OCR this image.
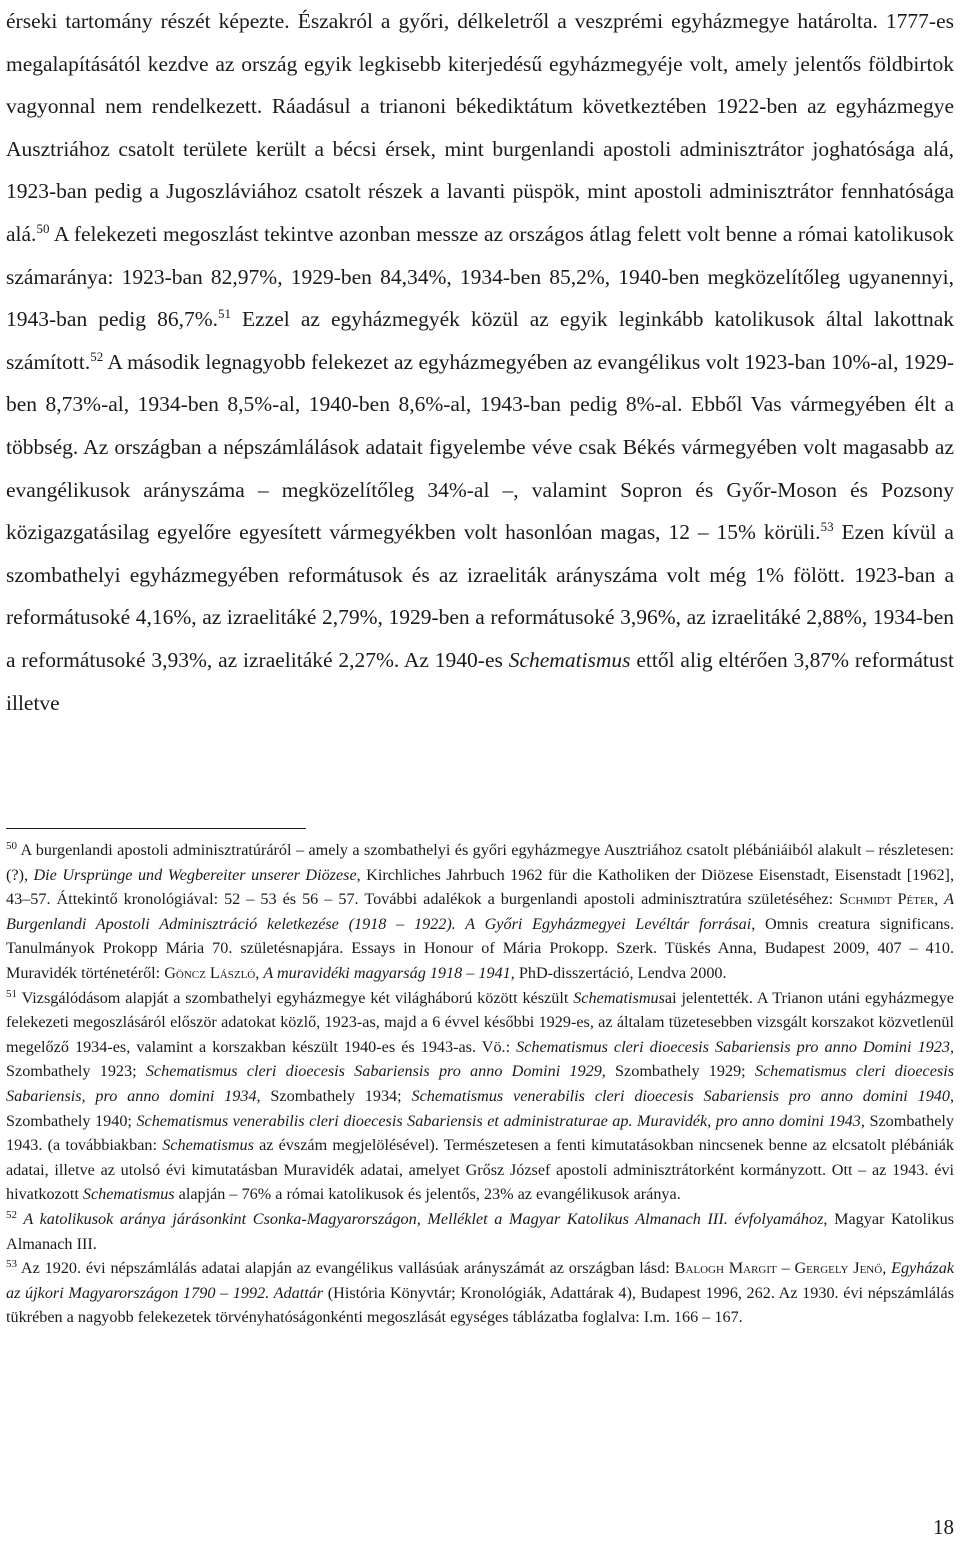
érseki tartomány részét képezte. Északról a győri, délkeletről a veszprémi egyházmegye határolta. 1777-es megalapításától kezdve az ország egyik legkisebb kiterjedésű egyházmegyéje volt, amely jelentős földbirtok vagyonnal nem rendelkezett. Ráadásul a trianoni békediktátum következtében 1922-ben az egyházmegye Ausztriához csatolt területe került a bécsi érsek, mint burgenlandi apostoli adminisztrátor joghatósága alá, 1923-ban pedig a Jugoszláviához csatolt részek a lavanti püspök, mint apostoli adminisztrátor fennhatósága alá.$^{50}$ A felekezeti megoszlást tekintve azonban messze az országos átlag felett volt benne a római katolikusok számaránya: 1923-ban 82,97%, 1929-ben 84,34%, 1934-ben 85,2%, 1940-ben megközelítőleg ugyanennyi, 1943-ban pedig 86,7%.$^{51}$ Ezzel az egyházmegyék közül az egyik leginkább katolikusok által lakottnak számított.$^{52}$ A második legnagyobb felekezet az egyházmegyében az evangélikus volt 1923-ban 10%-al, 1929-ben 8,73%-al, 1934-ben 8,5%-al, 1940-ben 8,6%-al, 1943-ban pedig 8%-al. Ebből Vas vármegyében élt a többség. Az országban a népszámlálások adatait figyelembe véve csak Békés vármegyében volt magasabb az evangélikusok arányszáma – megközelítőleg 34%-al –, valamint Sopron és Győr-Moson és Pozsony közigazgatásilag egyelőre egyesített vármegyékben volt hasonlóan magas, 12 – 15% körüli.$^{53}$ Ezen kívül a szombathelyi egyházmegyében reformátusok és az izraeliták arányszáma volt még 1% fölött. 1923-ban a reformátusoké 4,16%, az izraelitáké 2,79%, 1929-ben a reformátusoké 3,96%, az izraelitáké 2,88%, 1934-ben a reformátusoké 3,93%, az izraelitáké 2,27%. Az 1940-es Schematismus ettől alig eltérően 3,87% reformátust illetve

$^{50}$ A burgenlandi apostoli adminisztratúráról – amely a szombathelyi és győri egyházmegye Ausztriához csatolt plébániáiból alakult – részletesen: (?), Die Ursprünge und Wegbereiter unserer Diözese, Kirchliches Jahrbuch 1962 für die Katholiken der Diözese Eisenstadt, Eisenstadt [1962], 43–57. Áttekintő kronológiával: 52 – 53 és 56 – 57. További adalékok a burgenlandi apostoli adminisztratúra születéséhez: Schmidt Péter, A Burgenlandi Apostoli Adminisztráció keletkezése (1918 – 1922). A Győri Egyházmegyei Levéltár forrásai, Omnis creatura significans. Tanulmányok Prokopp Mária 70. születésnapjára. Essays in Honour of Mária Prokopp. Szerk. Tüskés Anna, Budapest 2009, 407 – 410. Muravidék történetéről: Göncz László, A muravidéki magyarság 1918 – 1941, PhD-disszertáció, Lendva 2000.

$^{51}$ Vizsgálódásom alapját a szombathelyi egyházmegye két világháború között készült Schematismusai jelentették. A Trianon utáni egyházmegye felekezeti megoszlásáról először adatokat közlő, 1923-as, majd a 6 évvel későbbi 1929-es, az általam tüzetesebben vizsgált korszakot közvetlenül megelőző 1934-es, valamint a korszakban készült 1940-es és 1943-as. Vö.: Schematismus cleri dioecesis Sabariensis pro anno Domini 1923, Szombathely 1923; Schematismus cleri dioecesis Sabariensis pro anno Domini 1929, Szombathely 1929; Schematismus cleri dioecesis Sabariensis, pro anno domini 1934, Szombathely 1934; Schematismus venerabilis cleri dioecesis Sabariensis pro anno domini 1940, Szombathely 1940; Schematismus venerabilis cleri dioecesis Sabariensis et administraturae ap. Muravidék, pro anno domini 1943, Szombathely 1943. (a továbbiakban: Schematismus az évszám megjelölésével). Természetesen a fenti kimutatásokban nincsenek benne az elcsatolt plébániák adatai, illetve az utolsó évi kimutatásban Muravidék adatai, amelyet Grősz József apostoli adminisztrátorként kormányzott. Ott – az 1943. évi hivatkozott Schematismus alapján – 76% a római katolikusok és jelentős, 23% az evangélikusok aránya.

$^{52}$ A katolikusok aránya járásonkint Csonka-Magyarországon, Melléklet a Magyar Katolikus Almanach III. évfolyamához, Magyar Katolikus Almanach III.

$^{53}$ Az 1920. évi népszámlálás adatai alapján az evangélikus vallásúak arányszámát az országban lásd: Balogh Margit – Gergely Jenő, Egyházak az újkori Magyarországon 1790 – 1992. Adattár (História Könyvtár; Kronológiák, Adattárak 4), Budapest 1996, 262. Az 1930. évi népszámlálás tükrében a nagyobb felekezetek törvényhatóságonkénti megoszlását egységes táblázatba foglalva: I.m. 166 – 167.

18
